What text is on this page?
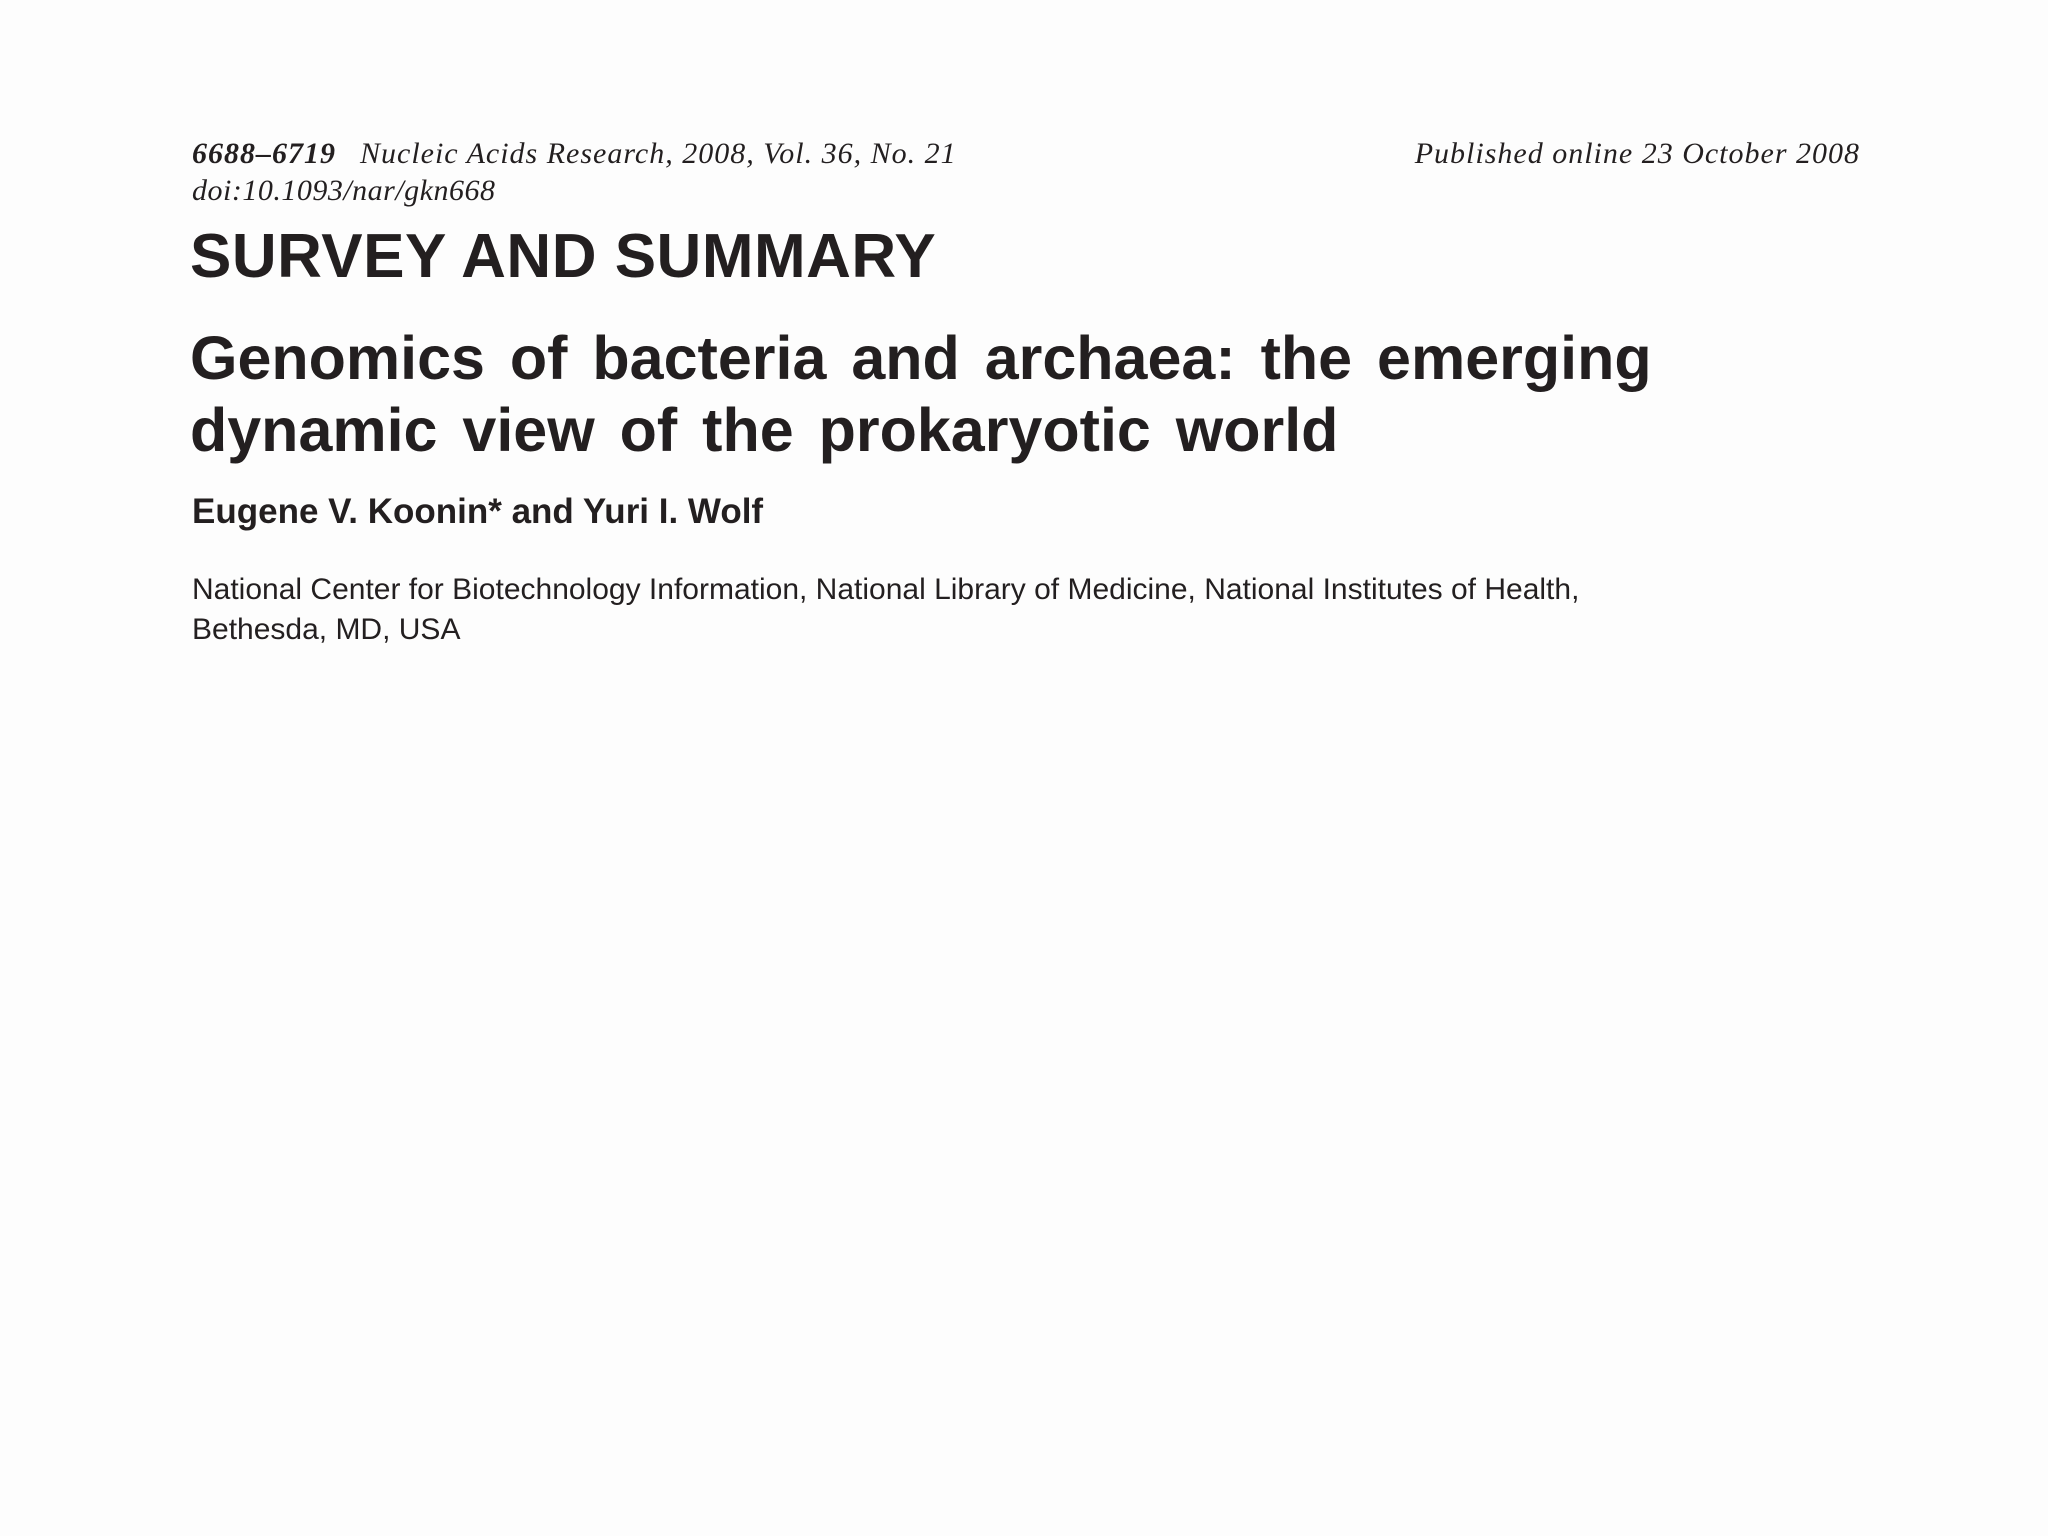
6688–6719 Nucleic Acids Research, 2008, Vol. 36, No. 21	Published online 23 October 2008
doi:10.1093/nar/gkn668
SURVEY AND SUMMARY
Genomics of bacteria and archaea: the emerging
dynamic view of the prokaryotic world
Eugene V. Koonin* and Yuri I. Wolf
National Center for Biotechnology Information, National Library of Medicine, National Institutes of Health,
Bethesda, MD, USA
